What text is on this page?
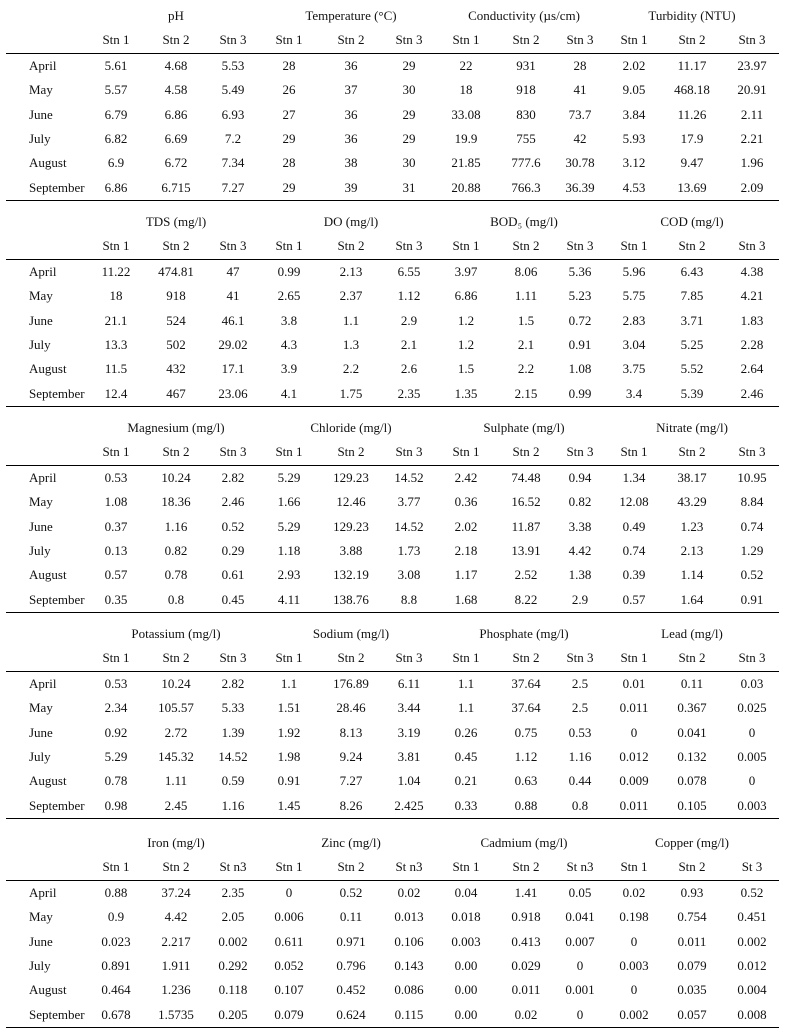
pH	Temperature (°C)	Conductivity (µs/cm)	Turbidity (NTU)
Stn 1	Stn 2	Stn 3	Stn 1	Stn 2	Stn 3	Stn 1	Stn 2	Stn 3	Stn 1	Stn 2	Stn 3
April	5.61	4.68	5.53	28	36	29	22	931	28	2.02	11.17	23.97
May	5.57	4.58	5.49	26	37	30	18	918	41	9.05	468.18	20.91
June	6.79	6.86	6.93	27	36	29	33.08	830	73.7	3.84	11.26	2.11
July	6.82	6.69	7.2	29	36	29	19.9	755	42	5.93	17.9	2.21
August	6.9	6.72	7.34	28	38	30	21.85	777.6	30.78	3.12	9.47	1.96
September	6.86	6.715	7.27	29	39	31	20.88	766.3	36.39	4.53	13.69	2.09
TDS (mg/l)	DO (mg/l)	BOD₅ (mg/l)	COD (mg/l)
Stn 1	Stn 2	Stn 3	Stn 1	Stn 2	Stn 3	Stn 1	Stn 2	Stn 3	Stn 1	Stn 2	Stn 3
April	11.22	474.81	47	0.99	2.13	6.55	3.97	8.06	5.36	5.96	6.43	4.38
May	18	918	41	2.65	2.37	1.12	6.86	1.11	5.23	5.75	7.85	4.21
June	21.1	524	46.1	3.8	1.1	2.9	1.2	1.5	0.72	2.83	3.71	1.83
July	13.3	502	29.02	4.3	1.3	2.1	1.2	2.1	0.91	3.04	5.25	2.28
August	11.5	432	17.1	3.9	2.2	2.6	1.5	2.2	1.08	3.75	5.52	2.64
September	12.4	467	23.06	4.1	1.75	2.35	1.35	2.15	0.99	3.4	5.39	2.46
Magnesium (mg/l)	Chloride (mg/l)	Sulphate (mg/l)	Nitrate (mg/l)
Stn 1	Stn 2	Stn 3	Stn 1	Stn 2	Stn 3	Stn 1	Stn 2	Stn 3	Stn 1	Stn 2	Stn 3
April	0.53	10.24	2.82	5.29	129.23	14.52	2.42	74.48	0.94	1.34	38.17	10.95
May	1.08	18.36	2.46	1.66	12.46	3.77	0.36	16.52	0.82	12.08	43.29	8.84
June	0.37	1.16	0.52	5.29	129.23	14.52	2.02	11.87	3.38	0.49	1.23	0.74
July	0.13	0.82	0.29	1.18	3.88	1.73	2.18	13.91	4.42	0.74	2.13	1.29
August	0.57	0.78	0.61	2.93	132.19	3.08	1.17	2.52	1.38	0.39	1.14	0.52
September	0.35	0.8	0.45	4.11	138.76	8.8	1.68	8.22	2.9	0.57	1.64	0.91
Potassium (mg/l)	Sodium (mg/l)	Phosphate (mg/l)	Lead (mg/l)
Stn 1	Stn 2	Stn 3	Stn 1	Stn 2	Stn 3	Stn 1	Stn 2	Stn 3	Stn 1	Stn 2	Stn 3
April	0.53	10.24	2.82	1.1	176.89	6.11	1.1	37.64	2.5	0.01	0.11	0.03
May	2.34	105.57	5.33	1.51	28.46	3.44	1.1	37.64	2.5	0.011	0.367	0.025
June	0.92	2.72	1.39	1.92	8.13	3.19	0.26	0.75	0.53	0	0.041	0
July	5.29	145.32	14.52	1.98	9.24	3.81	0.45	1.12	1.16	0.012	0.132	0.005
August	0.78	1.11	0.59	0.91	7.27	1.04	0.21	0.63	0.44	0.009	0.078	0
September	0.98	2.45	1.16	1.45	8.26	2.425	0.33	0.88	0.8	0.011	0.105	0.003
Iron (mg/l)	Zinc (mg/l)	Cadmium (mg/l)	Copper (mg/l)
Stn 1	Stn 2	St n3	Stn 1	Stn 2	St n3	Stn 1	Stn 2	St n3	Stn 1	Stn 2	St 3
April	0.88	37.24	2.35	0	0.52	0.02	0.04	1.41	0.05	0.02	0.93	0.52
May	0.9	4.42	2.05	0.006	0.11	0.013	0.018	0.918	0.041	0.198	0.754	0.451
June	0.023	2.217	0.002	0.611	0.971	0.106	0.003	0.413	0.007	0	0.011	0.002
July	0.891	1.911	0.292	0.052	0.796	0.143	0.00	0.029	0	0.003	0.079	0.012
August	0.464	1.236	0.118	0.107	0.452	0.086	0.00	0.011	0.001	0	0.035	0.004
September	0.678	1.5735	0.205	0.079	0.624	0.115	0.00	0.02	0	0.002	0.057	0.008
